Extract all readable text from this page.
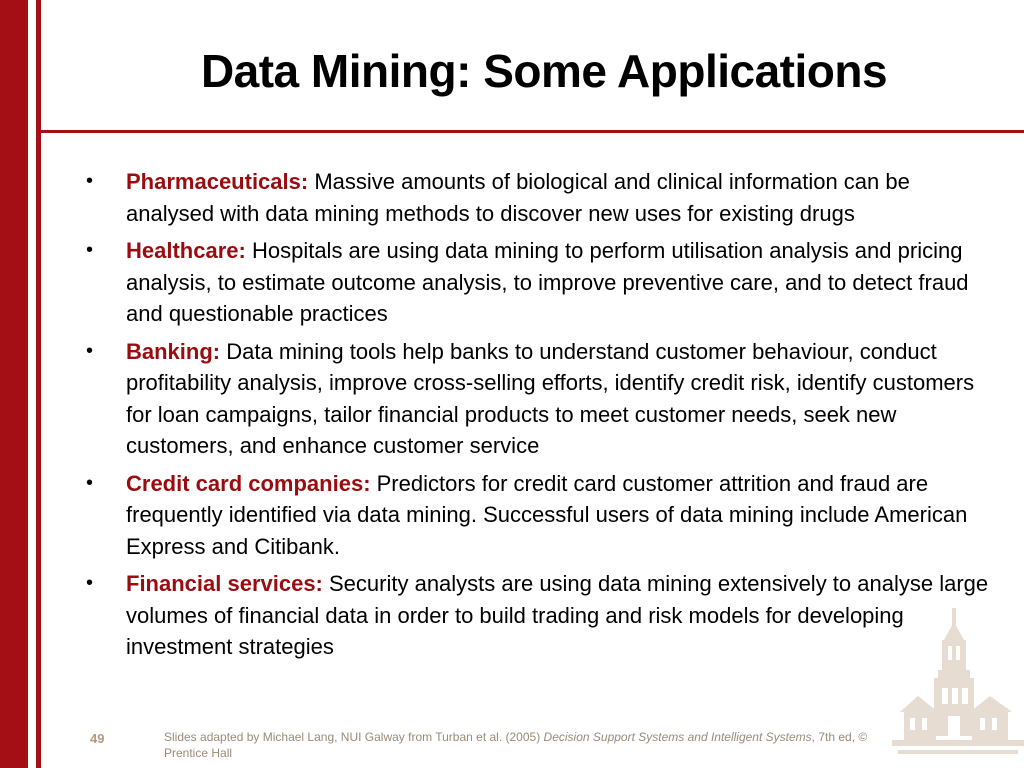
Data Mining: Some Applications
• Pharmaceuticals: Massive amounts of biological and clinical information can be analysed with data mining methods to discover new uses for existing drugs
• Healthcare: Hospitals are using data mining to perform utilisation analysis and pricing analysis, to estimate outcome analysis, to improve preventive care, and to detect fraud and questionable practices
• Banking: Data mining tools help banks to understand customer behaviour, conduct profitability analysis, improve cross-selling efforts, identify credit risk, identify customers for loan campaigns, tailor financial products to meet customer needs, seek new customers, and enhance customer service
• Credit card companies: Predictors for credit card customer attrition and fraud are frequently identified via data mining. Successful users of data mining include American Express and Citibank.
• Financial services: Security analysts are using data mining extensively to analyse large volumes of financial data in order to build trading and risk models for developing investment strategies
49	Slides adapted by Michael Lang, NUI Galway from Turban et al. (2005) Decision Support Systems and Intelligent Systems, 7th ed, © Prentice Hall
